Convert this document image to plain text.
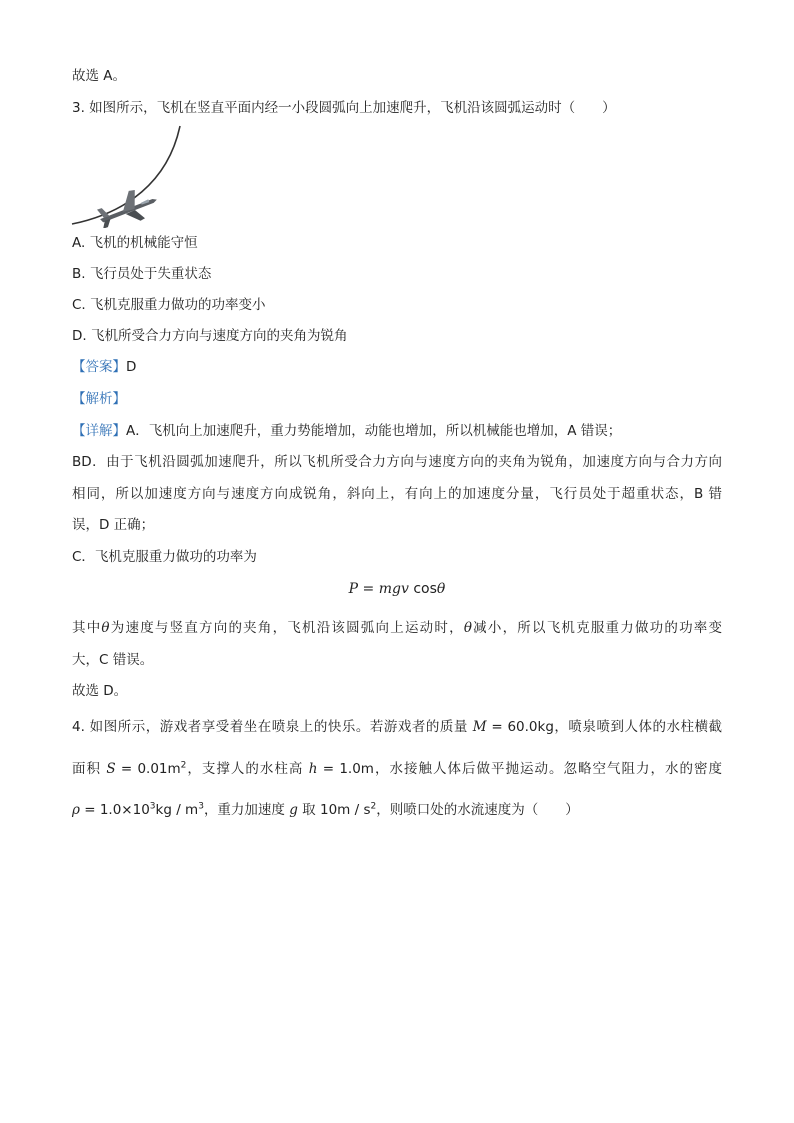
故选 A。
3. 如图所示，飞机在竖直平面内经一小段圆弧向上加速爬升，飞机沿该圆弧运动时（　　）
A. 飞机的机械能守恒
B. 飞行员处于失重状态
C. 飞机克服重力做功的功率变小
D. 飞机所受合力方向与速度方向的夹角为锐角
【答案】D
【解析】
【详解】A．飞机向上加速爬升，重力势能增加，动能也增加，所以机械能也增加，A 错误；
BD．由于飞机沿圆弧加速爬升，所以飞机所受合力方向与速度方向的夹角为锐角，加速度方向与合力方向
相同，所以加速度方向与速度方向成锐角，斜向上，有向上的加速度分量，飞行员处于超重状态，B 错
误，D 正确；
C．飞机克服重力做功的功率为
P = mgv cosθ
其中θ为速度与竖直方向的夹角，飞机沿该圆弧向上运动时，θ减小，所以飞机克服重力做功的功率变
大，C 错误。
故选 D。
4. 如图所示，游戏者享受着坐在喷泉上的快乐。若游戏者的质量 M = 60.0kg，喷泉喷到人体的水柱横截
面积 $S = 0.01m^2$，支撑人的水柱高 h = 1.0m，水接触人体后做平抛运动。忽略空气阻力，水的密度
$\rho = 1.0\times 10^3kg / m^3$，重力加速度 g 取 $10m / s^2$，则喷口处的水流速度为（　　）
